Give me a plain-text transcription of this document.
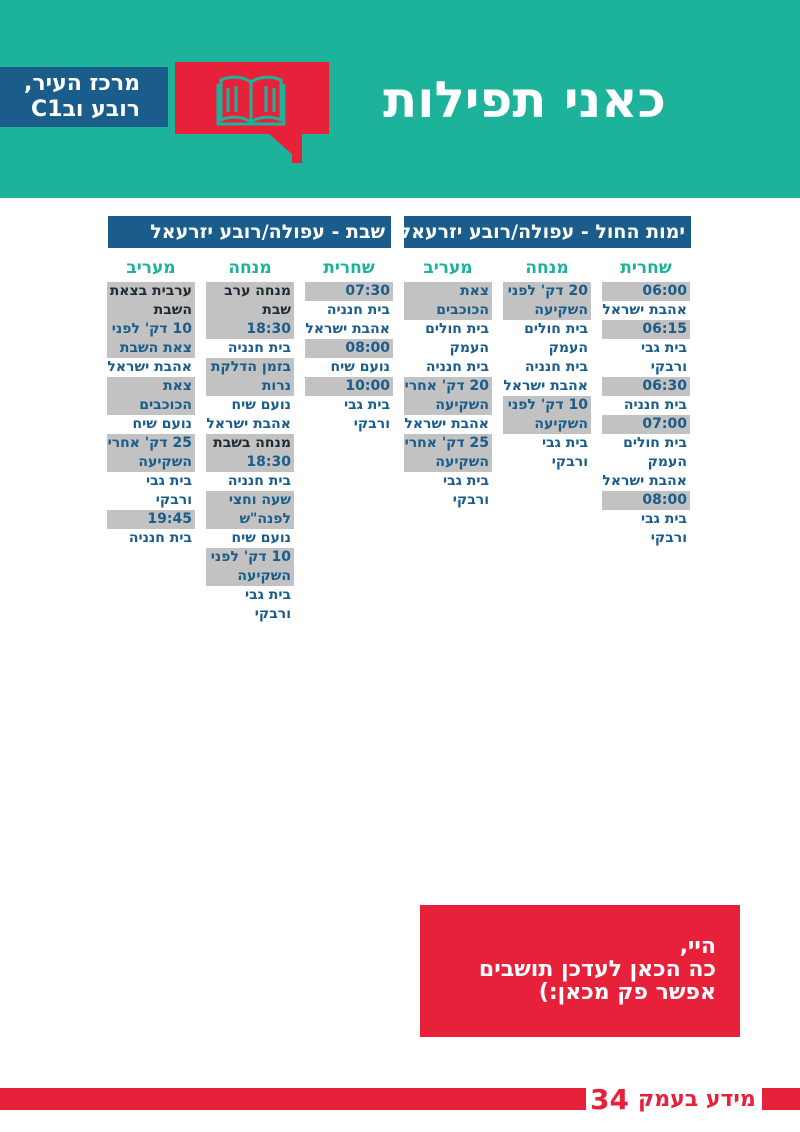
מרכז העיר,
רובע ובC1	כאני תפילות
ימות החול - עפולה/רובע יזרעאל
שבת - עפולה/רובע יזרעאל
שחרית
06:00
אהבת ישראל
06:15
בית גבי ורבקי
06:30
בית חנניה
07:00
בית חולים
העמק
אהבת ישראל
08:00
בית גבי ורבקי
מנחה
20 דק' לפני
השקיעה
בית חולים
העמק
בית חנניה
אהבת ישראל
10 דק' לפני
השקיעה
בית גבי ורבקי
מעריב
צאת הכוכבים
בית חולים
העמק
בית חנניה
20 דק' אחרי
השקיעה
אהבת ישראל
25 דק' אחרי
השקיעה
בית גבי ורבקי
שחרית
07:30
בית חנניה
אהבת ישראל
08:00
נועם שיח
10:00
בית גבי ורבקי
מנחה
מנחה ערב
שבת
18:30
בית חנניה
בזמן הדלקת
נרות
נועם שיח
אהבת ישראל
מנחה בשבת
18:30
בית חנניה
שעה וחצי
לפנה"ש
נועם שיח
10 דק' לפני
השקיעה
בית גבי ורבקי
מעריב
ערבית בצאת
השבת
10 דק' לפני
צאת השבת
אהבת ישראל
צאת הכוכבים
נועם שיח
25 דק' אחרי
השקיעה
בית גבי ורבקי
19:45
בית חנניה
היי,
כה הכאן לעדכן תושבים
אפשר פק מכאן:)
מידע בעמק
34
